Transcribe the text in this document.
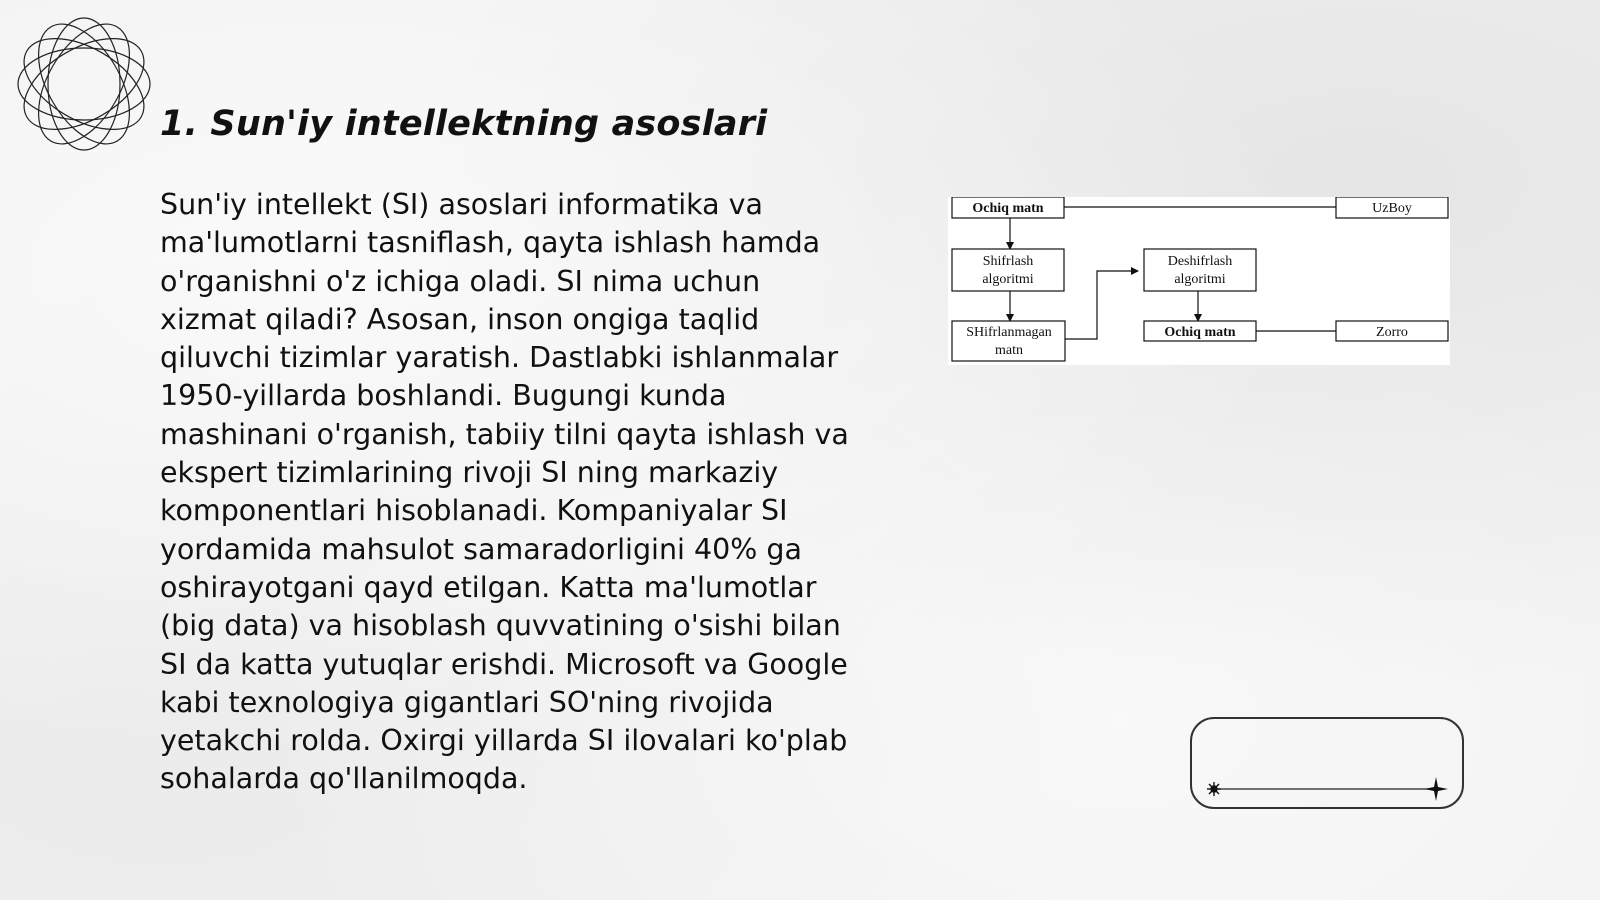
1. Sun'iy intellektning asoslari

Sun'iy intellekt (SI) asoslari informatika va ma'lumotlarni tasniflash, qayta ishlash hamda o'rganishni o'z ichiga oladi. SI nima uchun xizmat qiladi? Asosan, inson ongiga taqlid qiluvchi tizimlar yaratish. Dastlabki ishlanmalar 1950-yillarda boshlandi. Bugungi kunda mashinani o'rganish, tabiiy tilni qayta ishlash va ekspert tizimlarining rivoji SI ning markaziy komponentlari hisoblanadi. Kompaniyalar SI yordamida mahsulot samaradorligini 40% ga oshirayotgani qayd etilgan. Katta ma'lumotlar (big data) va hisoblash quvvatining o'sishi bilan SI da katta yutuqlar erishdi. Microsoft va Google kabi texnologiya gigantlari SO'ning rivojida yetakchi rolda. Oxirgi yillarda SI ilovalari ko'plab sohalarda qo'llanilmoqda.

Ochiq matn	UzBoy
Shifrlash
algoritmi
Deshifrlash
algoritmi
SHifrlanmagan
matn
Ochiq matn	Zorro
